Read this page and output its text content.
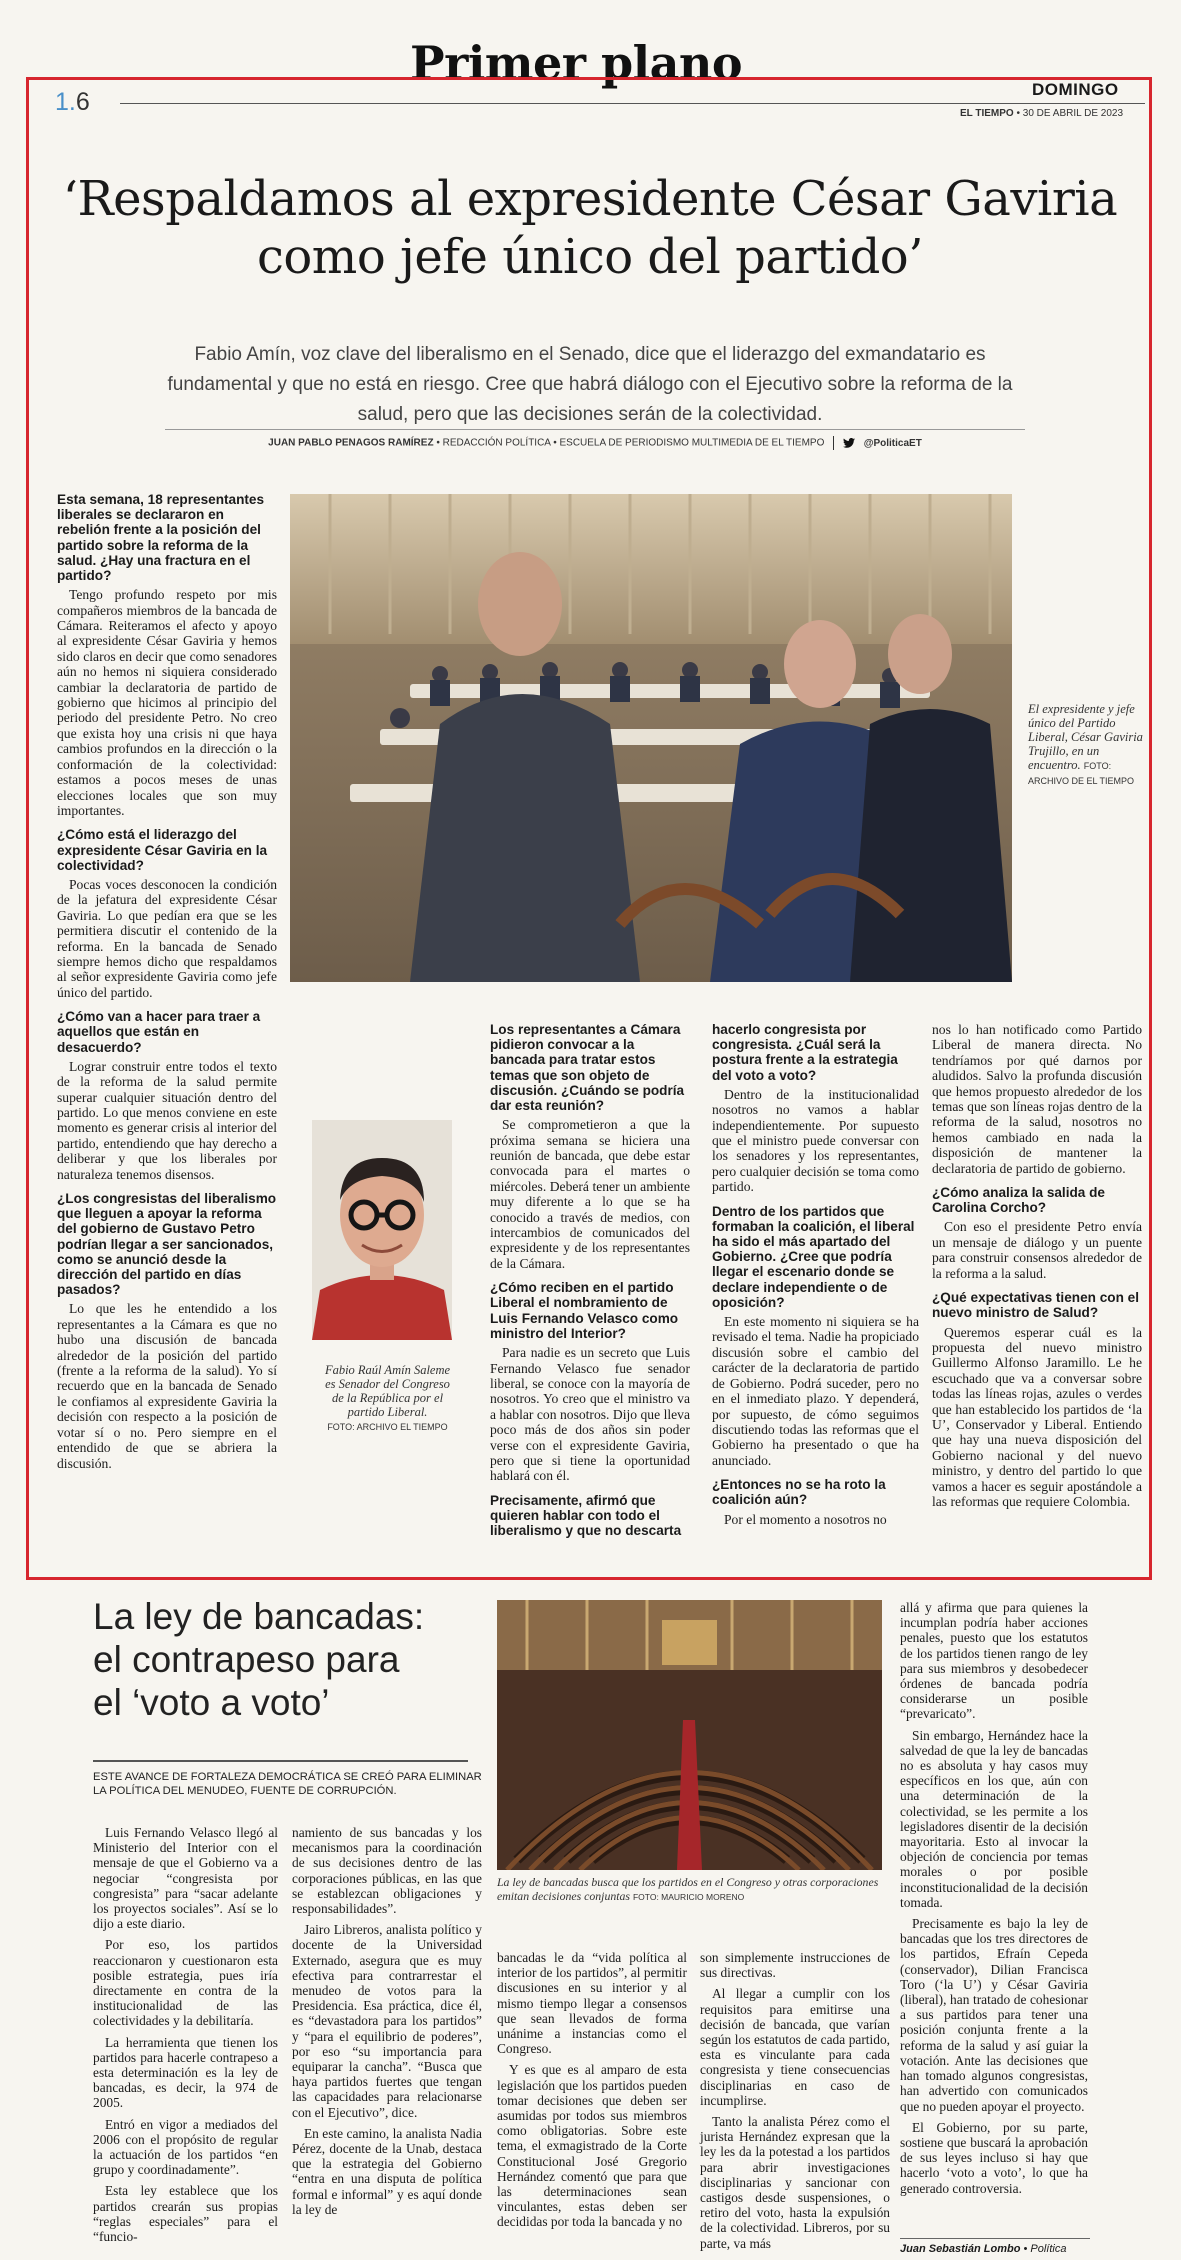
Primer plano
1.6	DOMINGO
EL TIEMPO • 30 DE ABRIL DE 2023
‘Respaldamos al expresidente César Gaviria como jefe único del partido’

Fabio Amín, voz clave del liberalismo en el Senado, dice que el liderazgo del exmandatario es fundamental y que no está en riesgo. Cree que habrá diálogo con el Ejecutivo sobre la reforma de la salud, pero que las decisiones serán de la colectividad.

JUAN PABLO PENAGOS RAMÍREZ • REDACCIÓN POLÍTICA • ESCUELA DE PERIODISMO MULTIMEDIA DE EL TIEMPO	@PoliticaET
Esta semana, 18 representantes liberales se declararon en rebelión frente a la posición del partido sobre la reforma de la salud. ¿Hay una fractura en el partido?

Tengo profundo respeto por mis compañeros miembros de la bancada de Cámara. Reiteramos el afecto y apoyo al expresidente César Gaviria y hemos sido claros en decir que como senadores aún no hemos ni siquiera considerado cambiar la declaratoria de partido de gobierno que hicimos al principio del periodo del presidente Petro. No creo que exista hoy una crisis ni que haya cambios profundos en la dirección o la conformación de la colectividad: estamos a pocos meses de unas elecciones locales que son muy importantes.

¿Cómo está el liderazgo del expresidente César Gaviria en la colectividad?

Pocas voces desconocen la condición de la jefatura del expresidente César Gaviria. Lo que pedían era que se les permitiera discutir el contenido de la reforma. En la bancada de Senado siempre hemos dicho que respaldamos al señor expresidente Gaviria como jefe único del partido.

¿Cómo van a hacer para traer a aquellos que están en desacuerdo?

Lograr construir entre todos el texto de la reforma de la salud permite superar cualquier situación dentro del partido. Lo que menos conviene en este momento es generar crisis al interior del partido, entendiendo que hay derecho a deliberar y que los liberales por naturaleza tenemos disensos.

¿Los congresistas del liberalismo que lleguen a apoyar la reforma del gobierno de Gustavo Petro podrían llegar a ser sancionados, como se anunció desde la dirección del partido en días pasados?

Lo que les he entendido a los representantes a la Cámara es que no hubo una discusión de bancada alrededor de la posición del partido (frente a la reforma de la salud). Yo sí recuerdo que en la bancada de Senado le confiamos al expresidente Gaviria la decisión con respecto a la posición de votar sí o no. Pero siempre en el entendido de que se abriera la discusión.

El expresidente y jefe único del Partido Liberal, César Gaviria Trujillo, en un encuentro. FOTO: ARCHIVO DE EL TIEMPO
Fabio Raúl Amín Saleme es Senador del Congreso de la República por el partido Liberal.
FOTO: ARCHIVO EL TIEMPO
Los representantes a Cámara pidieron convocar a la bancada para tratar estos temas que son objeto de discusión. ¿Cuándo se podría dar esta reunión?

Se comprometieron a que la próxima semana se hiciera una reunión de bancada, que debe estar convocada para el martes o miércoles. Deberá tener un ambiente muy diferente a lo que se ha conocido a través de medios, con intercambios de comunicados del expresidente y de los representantes de la Cámara.

¿Cómo reciben en el partido Liberal el nombramiento de Luis Fernando Velasco como ministro del Interior?

Para nadie es un secreto que Luis Fernando Velasco fue senador liberal, se conoce con la mayoría de nosotros. Yo creo que el ministro va a hablar con nosotros. Dijo que lleva poco más de dos años sin poder verse con el expresidente Gaviria, pero que si tiene la oportunidad hablará con él.

Precisamente, afirmó que quieren hablar con todo el liberalismo y que no descarta
hacerlo congresista por congresista. ¿Cuál será la postura frente a la estrategia del voto a voto?

Dentro de la institucionalidad nosotros no vamos a hablar independientemente. Por supuesto que el ministro puede conversar con los senadores y los representantes, pero cualquier decisión se toma como partido.

Dentro de los partidos que formaban la coalición, el liberal ha sido el más apartado del Gobierno. ¿Cree que podría llegar el escenario donde se declare independiente o de oposición?

En este momento ni siquiera se ha revisado el tema. Nadie ha propiciado discusión sobre el cambio del carácter de la declaratoria de partido de Gobierno. Podrá suceder, pero no en el inmediato plazo. Y dependerá, por supuesto, de cómo seguimos discutiendo todas las reformas que el Gobierno ha presentado o que ha anunciado.

¿Entonces no se ha roto la coalición aún?

Por el momento a nosotros no

nos lo han notificado como Partido Liberal de manera directa. No tendríamos por qué darnos por aludidos. Salvo la profunda discusión que hemos propuesto alrededor de los temas que son líneas rojas dentro de la reforma de la salud, nosotros no hemos cambiado en nada la disposición de mantener la declaratoria de partido de gobierno.

¿Cómo analiza la salida de Carolina Corcho?

Con eso el presidente Petro envía un mensaje de diálogo y un puente para construir consensos alrededor de la reforma a la salud.

¿Qué expectativas tienen con el nuevo ministro de Salud?

Queremos esperar cuál es la propuesta del nuevo ministro Guillermo Alfonso Jaramillo. Le he escuchado que va a conversar sobre todas las líneas rojas, azules o verdes que han establecido los partidos de ‘la U’, Conservador y Liberal. Entiendo que hay una nueva disposición del Gobierno nacional y del nuevo ministro, y dentro del partido lo que vamos a hacer es seguir apostándole a las reformas que requiere Colombia.

La ley de bancadas: el contrapeso para el ‘voto a voto’
ESTE AVANCE DE FORTALEZA DEMOCRÁTICA SE CREÓ PARA ELIMINAR LA POLÍTICA DEL MENUDEO, FUENTE DE CORRUPCIÓN.

Luis Fernando Velasco llegó al Ministerio del Interior con el mensaje de que el Gobierno va a negociar “congresista por congresista” para “sacar adelante los proyectos sociales”. Así se lo dijo a este diario.

Por eso, los partidos reaccionaron y cuestionaron esta posible estrategia, pues iría directamente en contra de la institucionalidad de las colectividades y la debilitaría.

La herramienta que tienen los partidos para hacerle contrapeso a esta determinación es la ley de bancadas, es decir, la 974 de 2005.

Entró en vigor a mediados del 2006 con el propósito de regular la actuación de los partidos “en grupo y coordinadamente”.

Esta ley establece que los partidos crearán sus propias “reglas especiales” para el “funcio-

namiento de sus bancadas y los mecanismos para la coordinación de sus decisiones dentro de las corporaciones públicas, en las que se establezcan obligaciones y responsabilidades”.

Jairo Libreros, analista político y docente de la Universidad Externado, asegura que es muy efectiva para contrarrestar el menudeo de votos para la Presidencia. Esa práctica, dice él, es “devastadora para los partidos” y “para el equilibrio de poderes”, por eso “su importancia para equiparar la cancha”. “Busca que haya partidos fuertes que tengan las capacidades para relacionarse con el Ejecutivo”, dice.

En este camino, la analista Nadia Pérez, docente de la Unab, destaca que la estrategia del Gobierno “entra en una disputa de política formal e informal” y es aquí donde la ley de

La ley de bancadas busca que los partidos en el Congreso y otras corporaciones emitan decisiones conjuntas FOTO: MAURICIO MORENO

bancadas le da “vida política al interior de los partidos”, al permitir discusiones en su interior y al mismo tiempo llegar a consensos que sean llevados de forma unánime a instancias como el Congreso.

Y es que es al amparo de esta legislación que los partidos pueden tomar decisiones que deben ser asumidas por todos sus miembros como obligatorias. Sobre este tema, el exmagistrado de la Corte Constitucional José Gregorio Hernández comentó que para que las determinaciones sean vinculantes, estas deben ser decididas por toda la bancada y no

son simplemente instrucciones de sus directivas.

Al llegar a cumplir con los requisitos para emitirse una decisión de bancada, que varían según los estatutos de cada partido, esta es vinculante para cada congresista y tiene consecuencias disciplinarias en caso de incumplirse.

Tanto la analista Pérez como el jurista Hernández expresan que la ley les da la potestad a los partidos para abrir investigaciones disciplinarias y sancionar con castigos desde suspensiones, o retiro del voto, hasta la expulsión de la colectividad. Libreros, por su parte, va más

allá y afirma que para quienes la incumplan podría haber acciones penales, puesto que los estatutos de los partidos tienen rango de ley para sus miembros y desobedecer órdenes de bancada podría considerarse un posible “prevaricato”.

Sin embargo, Hernández hace la salvedad de que la ley de bancadas no es absoluta y hay casos muy específicos en los que, aún con una determinación de la colectividad, se les permite a los legisladores disentir de la decisión mayoritaria. Esto al invocar la objeción de conciencia por temas morales o por posible inconstitucionalidad de la decisión tomada.

Precisamente es bajo la ley de bancadas que los tres directores de los partidos, Efraín Cepeda (conservador), Dilian Francisca Toro (‘la U’) y César Gaviria (liberal), han tratado de cohesionar a sus partidos para tener una posición conjunta frente a la reforma de la salud y así guiar la votación. Ante las decisiones que han tomado algunos congresistas, han advertido con comunicados que no pueden apoyar el proyecto.

El Gobierno, por su parte, sostiene que buscará la aprobación de sus leyes incluso si hay que hacerlo ‘voto a voto’, lo que ha generado controversia.

Juan Sebastián Lombo • Política
